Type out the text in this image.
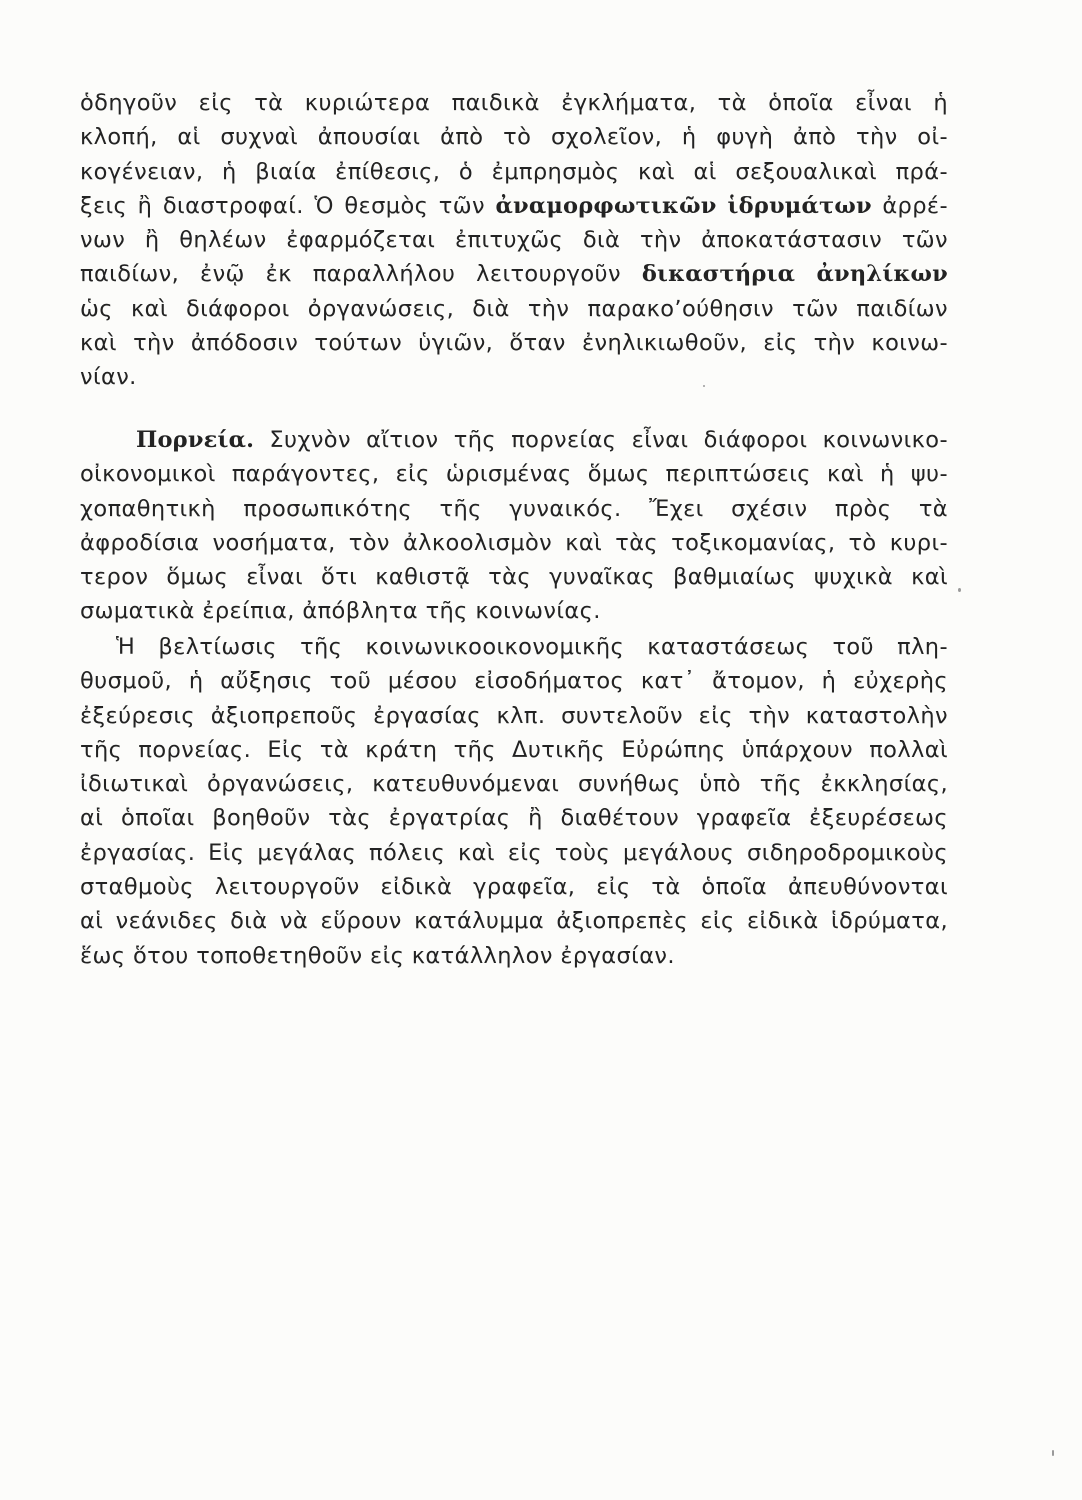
ὁδηγοῦν εἰς τὰ κυριώτερα παιδικὰ ἐγκλήματα, τὰ ὁποῖα εἶναι ἡ
κλοπή, αἱ συχναὶ ἀπουσίαι ἀπὸ τὸ σχολεῖον, ἡ φυγὴ ἀπὸ τὴν οἰ-
κογένειαν, ἡ βιαία ἐπίθεσις, ὁ ἐμπρησμὸς καὶ αἱ σεξουαλικαὶ πρά-
ξεις ἢ διαστροφαί. Ὁ θεσμὸς τῶν ἀναμορφωτικῶν ἱδρυμάτων ἀρρέ-
νων ἢ θηλέων ἐφαρμόζεται ἐπιτυχῶς διὰ τὴν ἀποκατάστασιν τῶν
παιδίων, ἐνῷ ἐκ παραλλήλου λειτουργοῦν δικαστήρια ἀνηλίκων
ὡς καὶ διάφοροι ὀργανώσεις, διὰ τὴν παρακοʼούθησιν τῶν παιδίων
καὶ τὴν ἀπόδοσιν τούτων ὑγιῶν, ὅταν ἐνηλικιωθοῦν, εἰς τὴν κοινω-
νίαν.
Πορνεία. Συχνὸν αἴτιον τῆς πορνείας εἶναι διάφοροι κοινωνικο-
οἰκονομικοὶ παράγοντες, εἰς ὡρισμένας ὅμως περιπτώσεις καὶ ἡ ψυ-
χοπαθητικὴ προσωπικότης τῆς γυναικός. Ἔχει σχέσιν πρὸς τὰ
ἀφροδίσια νοσήματα, τὸν ἀλκοολισμὸν καὶ τὰς τοξικομανίας, τὸ κυρι-
τερον ὅμως εἶναι ὅτι καθιστᾷ τὰς γυναῖκας βαθμιαίως ψυχικὰ καὶ
σωματικὰ ἐρείπια, ἀπόβλητα τῆς κοινωνίας.
Ἡ βελτίωσις τῆς κοινωνικοοικονομικῆς καταστάσεως τοῦ πλη-
θυσμοῦ, ἡ αὔξησις τοῦ μέσου εἰσοδήματος κατ᾽ ἄτομον, ἡ εὐχερὴς
ἐξεύρεσις ἀξιοπρεποῦς ἐργασίας κλπ. συντελοῦν εἰς τὴν καταστολὴν
τῆς πορνείας. Εἰς τὰ κράτη τῆς Δυτικῆς Εὐρώπης ὑπάρχουν πολλαὶ
ἰδιωτικαὶ ὀργανώσεις, κατευθυνόμεναι συνήθως ὑπὸ τῆς ἐκκλησίας,
αἱ ὁποῖαι βοηθοῦν τὰς ἐργατρίας ἢ διαθέτουν γραφεῖα ἐξευρέσεως
ἐργασίας. Εἰς μεγάλας πόλεις καὶ εἰς τοὺς μεγάλους σιδηροδρομικοὺς
σταθμοὺς λειτουργοῦν εἰδικὰ γραφεῖα, εἰς τὰ ὁποῖα ἀπευθύνονται
αἱ νεάνιδες διὰ νὰ εὕρουν κατάλυμμα ἀξιοπρεπὲς εἰς εἰδικὰ ἱδρύματα,
ἕως ὅτου τοποθετηθοῦν εἰς κατάλληλον ἐργασίαν.
